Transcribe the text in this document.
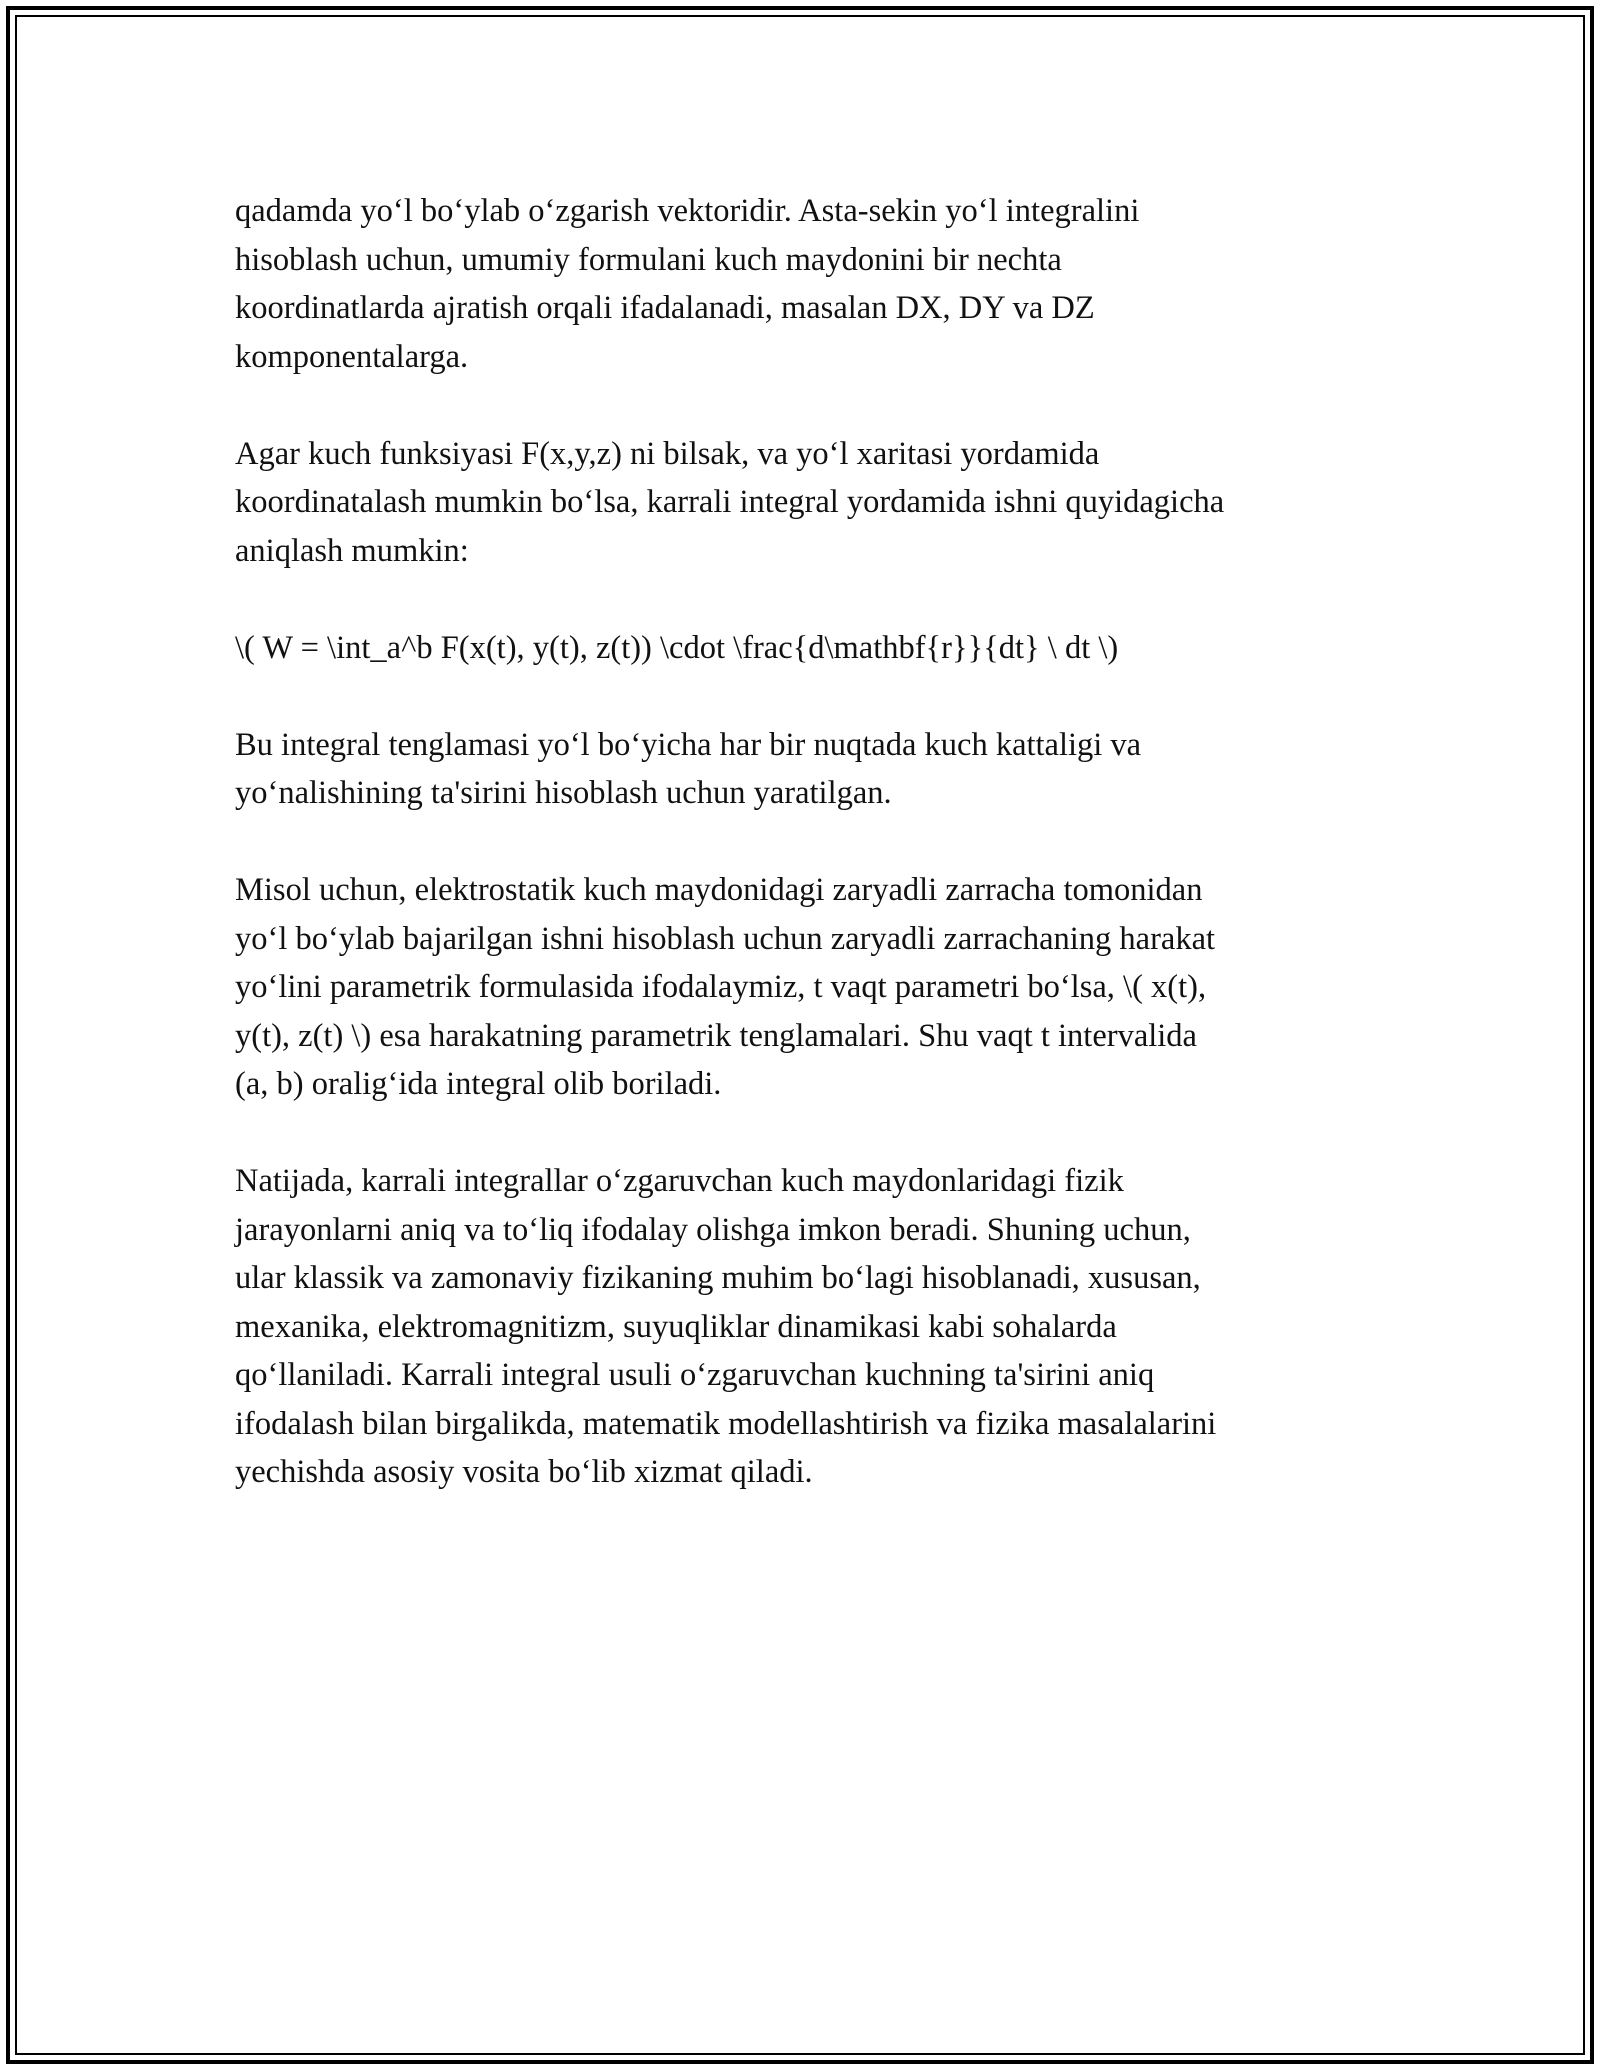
qadamda yo‘l bo‘ylab o‘zgarish vektoridir. Asta-sekin yo‘l integralini
hisoblash uchun, umumiy formulani kuch maydonini bir nechta
koordinatlarda ajratish orqali ifadalanadi, masalan DX, DY va DZ
komponentalarga.

Agar kuch funksiyasi F(x,y,z) ni bilsak, va yo‘l xaritasi yordamida
koordinatalash mumkin bo‘lsa, karrali integral yordamida ishni quyidagicha
aniqlash mumkin:

\( W = \int_a^b F(x(t), y(t), z(t)) \cdot \frac{d\mathbf{r}}{dt} \ dt \)

Bu integral tenglamasi yo‘l bo‘yicha har bir nuqtada kuch kattaligi va
yo‘nalishining ta'sirini hisoblash uchun yaratilgan.

Misol uchun, elektrostatik kuch maydonidagi zaryadli zarracha tomonidan
yo‘l bo‘ylab bajarilgan ishni hisoblash uchun zaryadli zarrachaning harakat
yo‘lini parametrik formulasida ifodalaymiz, t vaqt parametri bo‘lsa, \( x(t),
y(t), z(t) \) esa harakatning parametrik tenglamalari. Shu vaqt t intervalida
(a, b) oralig‘ida integral olib boriladi.

Natijada, karrali integrallar o‘zgaruvchan kuch maydonlaridagi fizik
jarayonlarni aniq va to‘liq ifodalay olishga imkon beradi. Shuning uchun,
ular klassik va zamonaviy fizikaning muhim bo‘lagi hisoblanadi, xususan,
mexanika, elektromagnitizm, suyuqliklar dinamikasi kabi sohalarda
qo‘llaniladi. Karrali integral usuli o‘zgaruvchan kuchning ta'sirini aniq
ifodalash bilan birgalikda, matematik modellashtirish va fizika masalalarini
yechishda asosiy vosita bo‘lib xizmat qiladi.
